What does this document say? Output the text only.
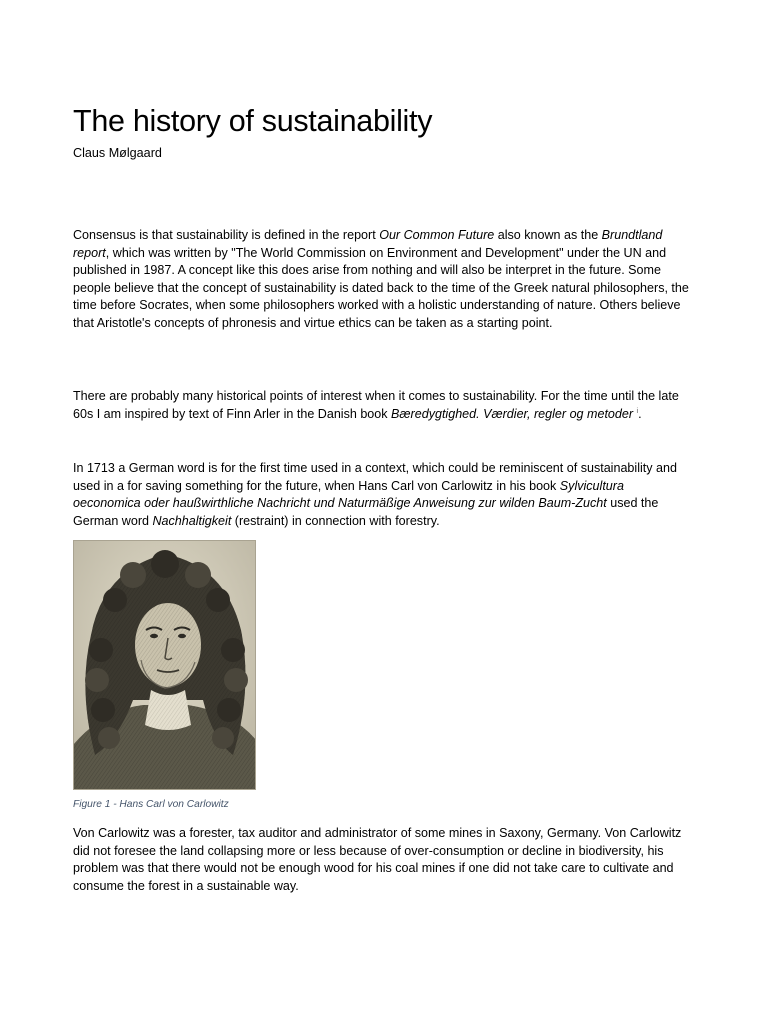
The history of sustainability

Claus Mølgaard

Consensus is that sustainability is defined in the report Our Common Future also known as the Brundtland report, which was written by "The World Commission on Environment and Development" under the UN and published in 1987. A concept like this does arise from nothing and will also be interpret in the future. Some people believe that the concept of sustainability is dated back to the time of the Greek natural philosophers, the time before Socrates, when some philosophers worked with a holistic understanding of nature. Others believe that Aristotle's concepts of phronesis and virtue ethics can be taken as a starting point.

There are probably many historical points of interest when it comes to sustainability. For the time until the late 60s I am inspired by text of Finn Arler in the Danish book Bæredygtighed. Værdier, regler og metoder $^i$.

In 1713 a German word is for the first time used in a context, which could be reminiscent of sustainability and used in a for saving something for the future, when Hans Carl von Carlowitz in his book Sylvicultura oeconomica oder haußwirthliche Nachricht und Naturmäßige Anweisung zur wilden Baum-Zucht used the German word Nachhaltigkeit (restraint) in connection with forestry.

Figure 1 - Hans Carl von Carlowitz

Von Carlowitz was a forester, tax auditor and administrator of some mines in Saxony, Germany. Von Carlowitz did not foresee the land collapsing more or less because of over-consumption or decline in biodiversity, his problem was that there would not be enough wood for his coal mines if one did not take care to cultivate and consume the forest in a sustainable way.
